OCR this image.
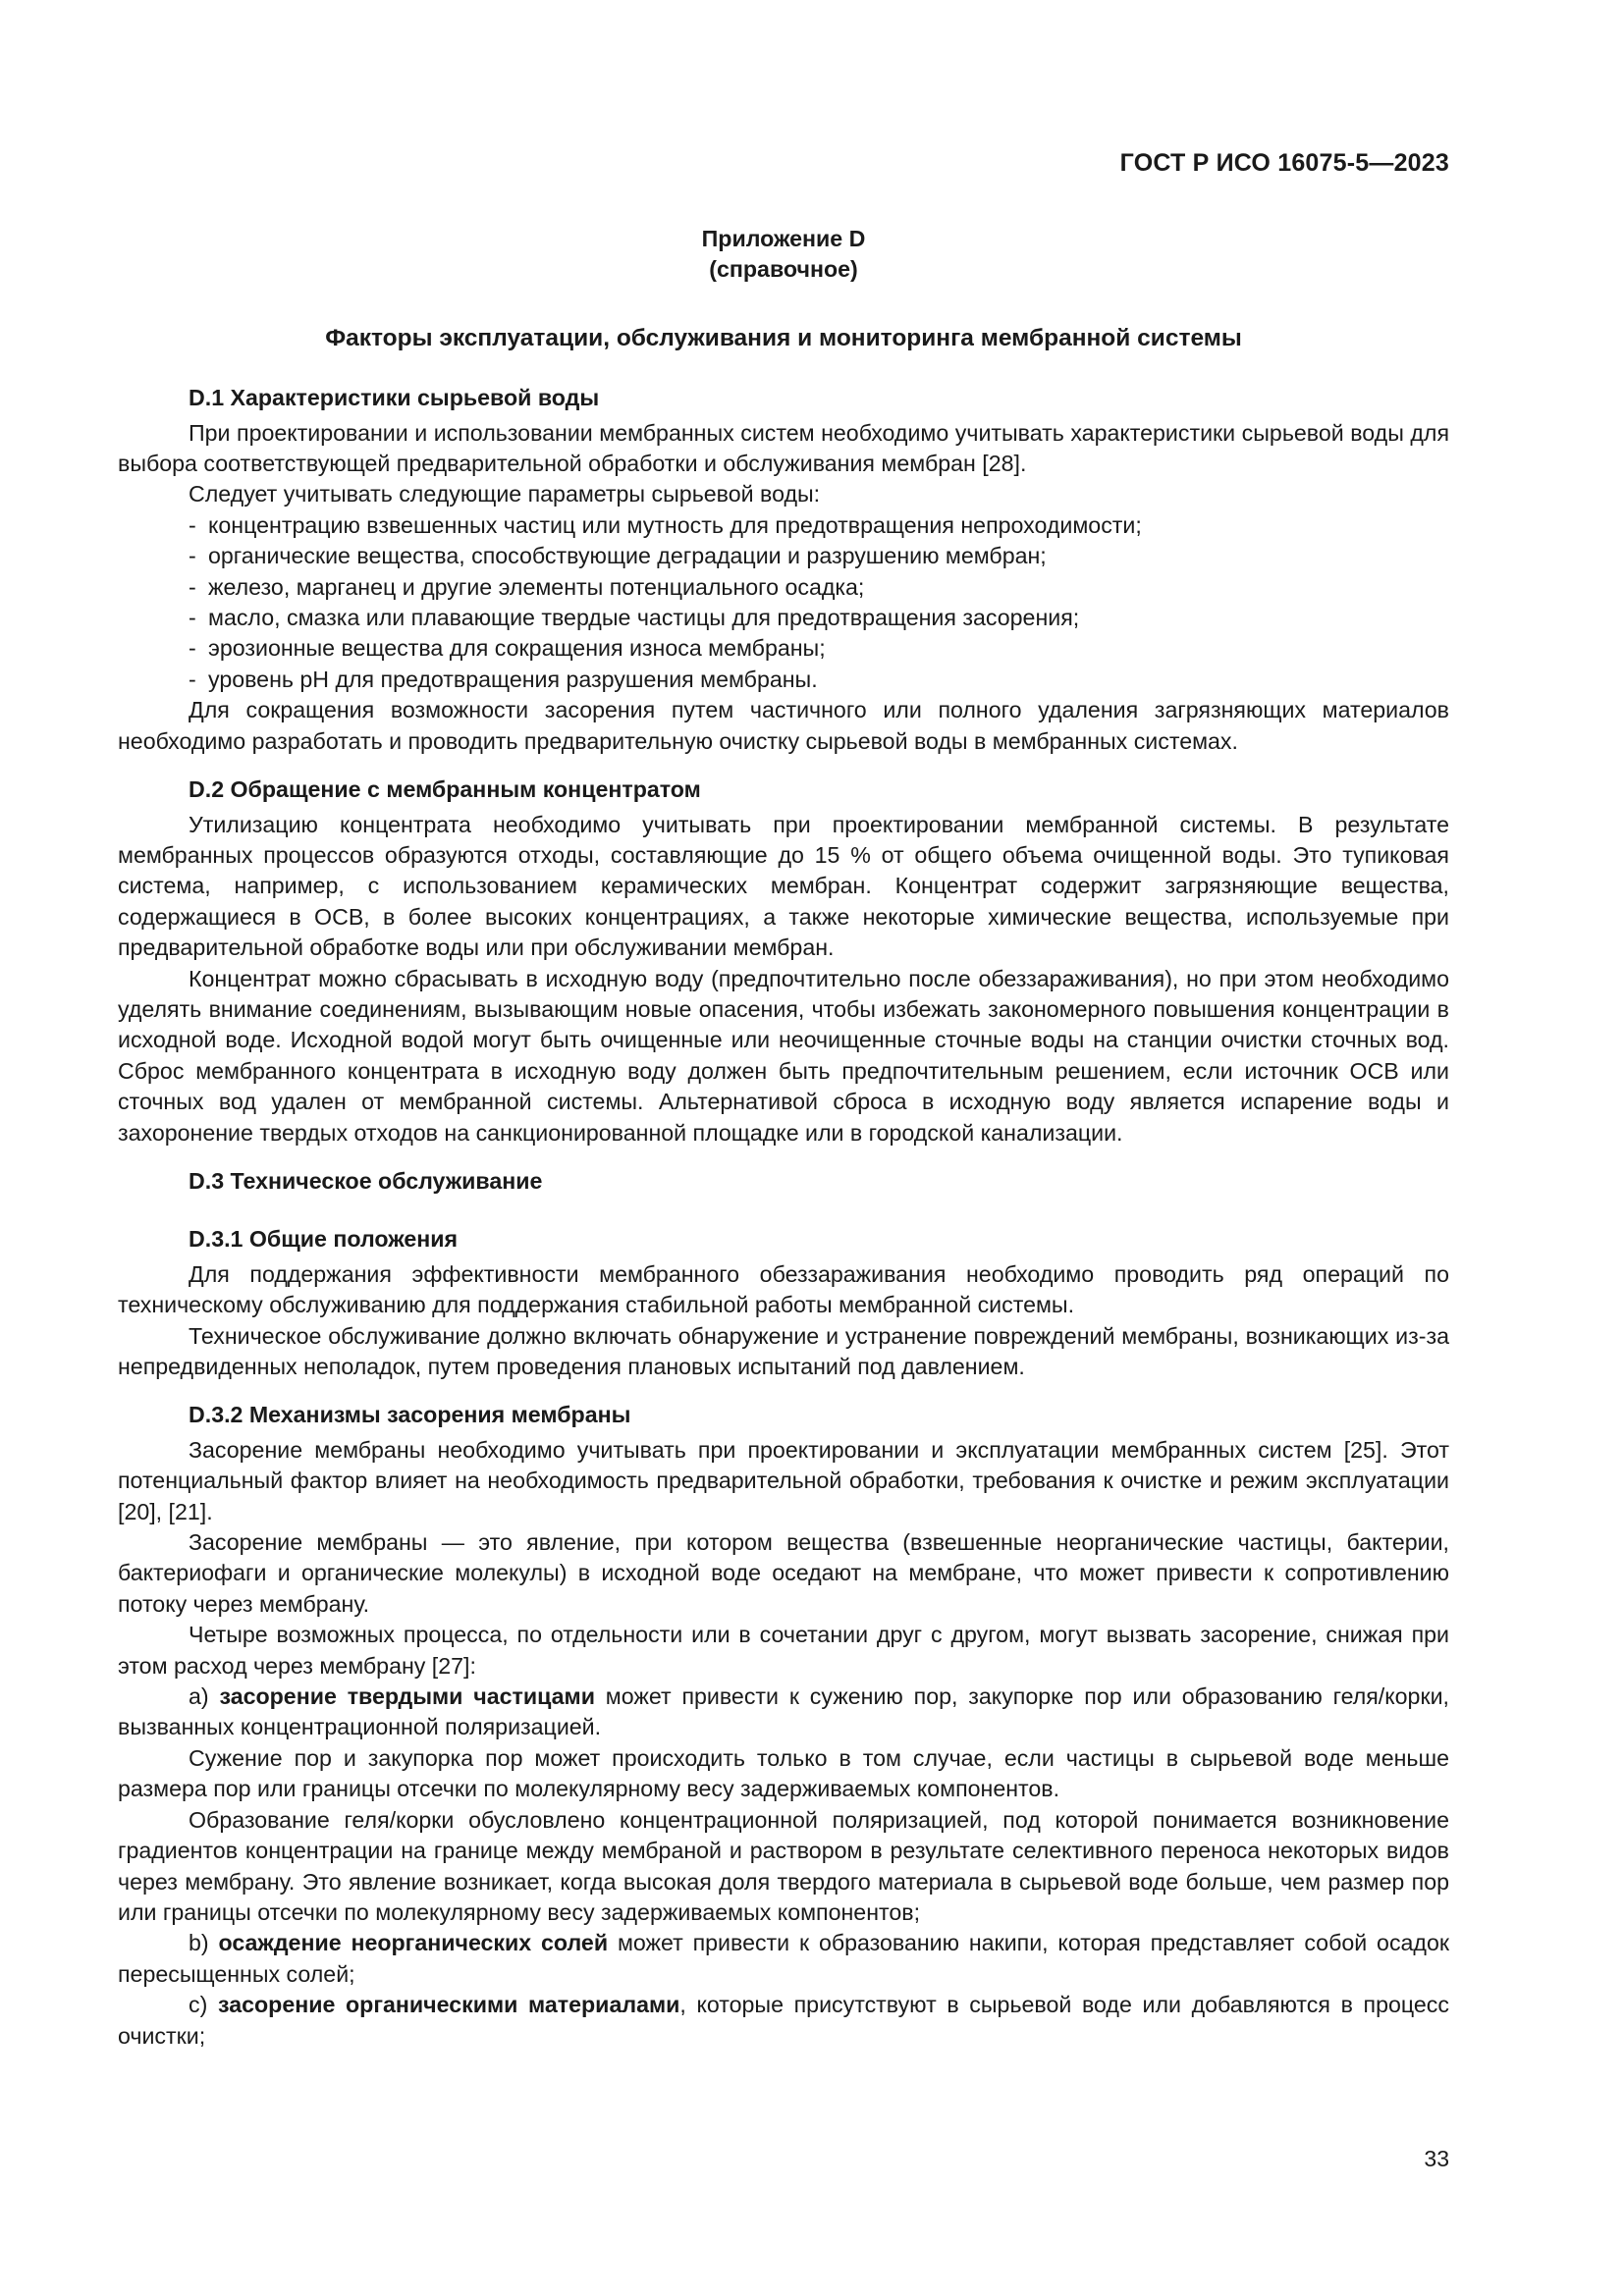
ГОСТ Р ИСО 16075-5—2023
Приложение D
(справочное)
Факторы эксплуатации, обслуживания и мониторинга мембранной системы
D.1 Характеристики сырьевой воды

При проектировании и использовании мембранных систем необходимо учитывать характеристики сырьевой воды для выбора соответствующей предварительной обработки и обслуживания мембран [28].

Следует учитывать следующие параметры сырьевой воды:

- концентрацию взвешенных частиц или мутность для предотвращения непроходимости;

- органические вещества, способствующие деградации и разрушению мембран;

- железо, марганец и другие элементы потенциального осадка;

- масло, смазка или плавающие твердые частицы для предотвращения засорения;

- эрозионные вещества для сокращения износа мембраны;

- уровень pH для предотвращения разрушения мембраны.

Для сокращения возможности засорения путем частичного или полного удаления загрязняющих материалов необходимо разработать и проводить предварительную очистку сырьевой воды в мембранных системах.

D.2 Обращение с мембранным концентратом

Утилизацию концентрата необходимо учитывать при проектировании мембранной системы. В результате мембранных процессов образуются отходы, составляющие до 15 % от общего объема очищенной воды. Это тупиковая система, например, с использованием керамических мембран. Концентрат содержит загрязняющие вещества, содержащиеся в ОСВ, в более высоких концентрациях, а также некоторые химические вещества, используемые при предварительной обработке воды или при обслуживании мембран.

Концентрат можно сбрасывать в исходную воду (предпочтительно после обеззараживания), но при этом необходимо уделять внимание соединениям, вызывающим новые опасения, чтобы избежать закономерного повышения концентрации в исходной воде. Исходной водой могут быть очищенные или неочищенные сточные воды на станции очистки сточных вод. Сброс мембранного концентрата в исходную воду должен быть предпочтительным решением, если источник ОСВ или сточных вод удален от мембранной системы. Альтернативой сброса в исходную воду является испарение воды и захоронение твердых отходов на санкционированной площадке или в городской канализации.

D.3 Техническое обслуживание
D.3.1 Общие положения

Для поддержания эффективности мембранного обеззараживания необходимо проводить ряд операций по техническому обслуживанию для поддержания стабильной работы мембранной системы.

Техническое обслуживание должно включать обнаружение и устранение повреждений мембраны, возникающих из-за непредвиденных неполадок, путем проведения плановых испытаний под давлением.

D.3.2 Механизмы засорения мембраны

Засорение мембраны необходимо учитывать при проектировании и эксплуатации мембранных систем [25]. Этот потенциальный фактор влияет на необходимость предварительной обработки, требования к очистке и режим эксплуатации [20], [21].

Засорение мембраны — это явление, при котором вещества (взвешенные неорганические частицы, бактерии, бактериофаги и органические молекулы) в исходной воде оседают на мембране, что может привести к сопротивлению потоку через мембрану.

Четыре возможных процесса, по отдельности или в сочетании друг с другом, могут вызвать засорение, снижая при этом расход через мембрану [27]:

a) засорение твердыми частицами может привести к сужению пор, закупорке пор или образованию геля/корки, вызванных концентрационной поляризацией.

Сужение пор и закупорка пор может происходить только в том случае, если частицы в сырьевой воде меньше размера пор или границы отсечки по молекулярному весу задерживаемых компонентов.

Образование геля/корки обусловлено концентрационной поляризацией, под которой понимается возникновение градиентов концентрации на границе между мембраной и раствором в результате селективного переноса некоторых видов через мембрану. Это явление возникает, когда высокая доля твердого материала в сырьевой воде больше, чем размер пор или границы отсечки по молекулярному весу задерживаемых компонентов;

b) осаждение неорганических солей может привести к образованию накипи, которая представляет собой осадок пересыщенных солей;

c) засорение органическими материалами, которые присутствуют в сырьевой воде или добавляются в процесс очистки;

33
